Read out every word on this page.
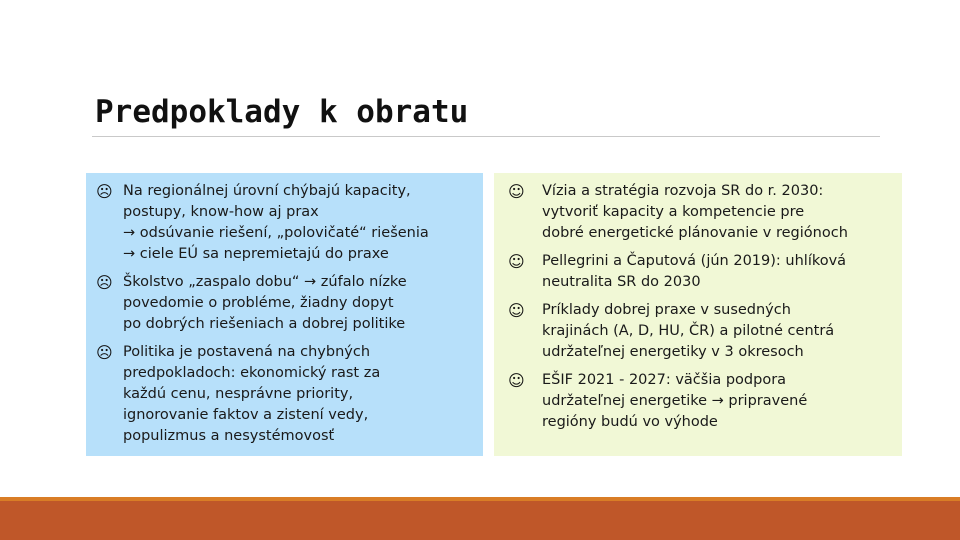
Predpoklady k obratu
☹ Na regionálnej úrovní chýbajú kapacity,
postupy, know-how aj prax
→ odsúvanie riešení, „polovičaté“ riešenia
→ ciele EÚ sa nepremietajú do praxe
☹ Školstvo „zaspalo dobu“ → zúfalo nízke
povedomie o probléme, žiadny dopyt
po dobrých riešeniach a dobrej politike
☹ Politika je postavená na chybných
predpokladoch: ekonomický rast za
každú cenu, nesprávne priority,
ignorovanie faktov a zistení vedy,
populizmus a nesystémovosť
☺ Vízia a stratégia rozvoja SR do r. 2030:
vytvoriť kapacity a kompetencie pre
dobré energetické plánovanie v regiónoch
☺ Pellegrini a Čaputová (jún 2019): uhlíková
neutralita SR do 2030
☺ Príklady dobrej praxe v susedných
krajinách (A, D, HU, ČR) a pilotné centrá
udržateľnej energetiky v 3 okresoch
☺ EŠIF 2021 - 2027: väčšia podpora
udržateľnej energetike → pripravené
regióny budú vo výhode
